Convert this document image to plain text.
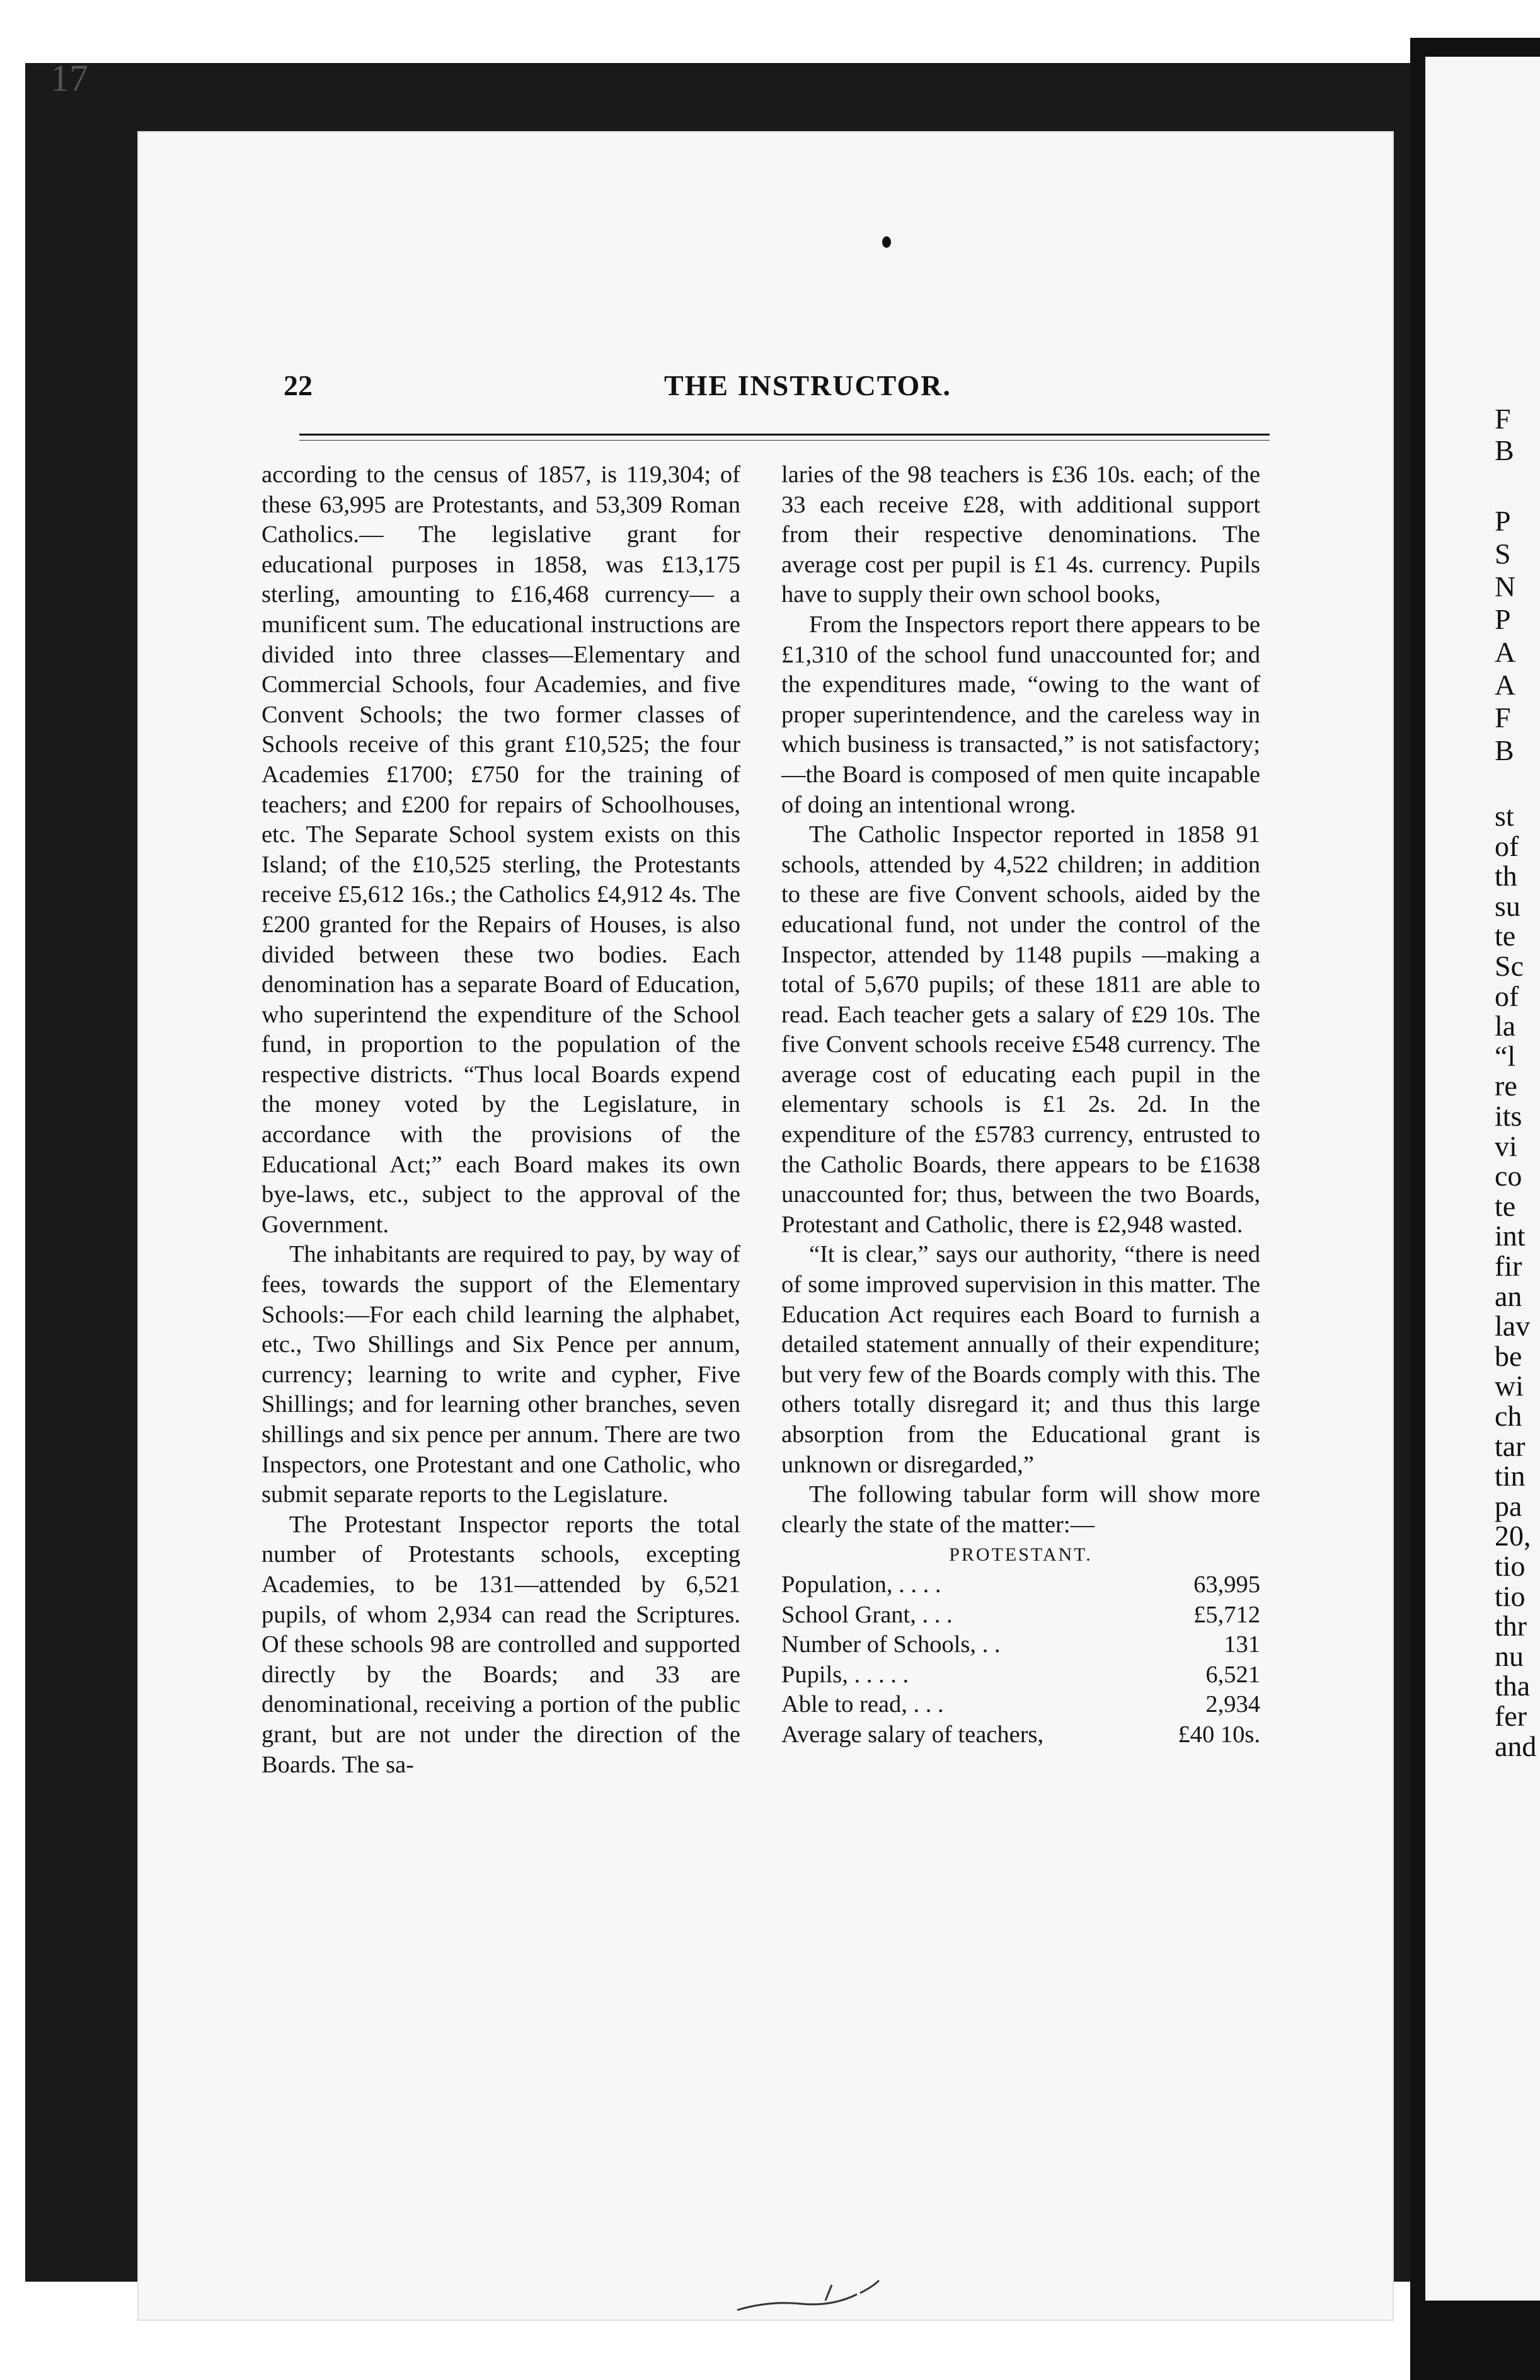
F
B
P
S
N
P
A
A
F
B
st
of
th
su
te
Sc
of
la
“l
re
its
vi
co
te
int
fir
an
lav
be
wi
ch
tar
tin
pa
20,
tio
tio
thr
nu
tha
fer
and
17
22	THE INSTRUCTOR.

according to the census of 1857, is 119,304; of these 63,995 are Protestants, and 53,309 Roman Catholics.— The legislative grant for educational purposes in 1858, was £13,175 sterling, amounting to £16,468 currency— a munificent sum. The educational instructions are divided into three classes—Elementary and Commercial Schools, four Academies, and five Convent Schools; the two former classes of Schools receive of this grant £10,525; the four Academies £1700; £750 for the training of teachers; and £200 for repairs of Schoolhouses, etc. The Separate School system exists on this Island; of the £10,525 sterling, the Protestants receive £5,612 16s.; the Catholics £4,912 4s. The £200 granted for the Repairs of Houses, is also divided between these two bodies. Each denomination has a separate Board of Education, who superintend the expenditure of the School fund, in proportion to the population of the respective districts. “Thus local Boards expend the money voted by the Legislature, in accordance with the provisions of the Educational Act;” each Board makes its own bye-laws, etc., subject to the approval of the Government.

The inhabitants are required to pay, by way of fees, towards the support of the Elementary Schools:—For each child learning the alphabet, etc., Two Shillings and Six Pence per annum, currency; learning to write and cypher, Five Shillings; and for learning other branches, seven shillings and six pence per annum. There are two Inspectors, one Protestant and one Catholic, who submit separate reports to the Legislature.

The Protestant Inspector reports the total number of Protestants schools, excepting Academies, to be 131—attended by 6,521 pupils, of whom 2,934 can read the Scriptures. Of these schools 98 are controlled and supported directly by the Boards; and 33 are denominational, receiving a portion of the public grant, but are not under the direction of the Boards. The sa-

laries of the 98 teachers is £36 10s. each; of the 33 each receive £28, with additional support from their respective denominations. The average cost per pupil is £1 4s. currency. Pupils have to supply their own school books,

From the Inspectors report there appears to be £1,310 of the school fund unaccounted for; and the expenditures made, “owing to the want of proper superintendence, and the careless way in which business is transacted,” is not satisfactory;—the Board is composed of men quite incapable of doing an intentional wrong.

The Catholic Inspector reported in 1858 91 schools, attended by 4,522 children; in addition to these are five Convent schools, aided by the educational fund, not under the control of the Inspector, attended by 1148 pupils —making a total of 5,670 pupils; of these 1811 are able to read. Each teacher gets a salary of £29 10s. The five Convent schools receive £548 currency. The average cost of educating each pupil in the elementary schools is £1 2s. 2d. In the expenditure of the £5783 currency, entrusted to the Catholic Boards, there appears to be £1638 unaccounted for; thus, between the two Boards, Protestant and Catholic, there is £2,948 wasted.

“It is clear,” says our authority, “there is need of some improved supervision in this matter. The Education Act requires each Board to furnish a detailed statement annually of their expenditure; but very few of the Boards comply with this. The others totally disregard it; and thus this large absorption from the Educational grant is unknown or disregarded,”

The following tabular form will show more clearly the state of the matter:—

PROTESTANT.

Population, . . . .	63,995
School Grant, . . .	£5,712
Number of Schools, . .	131
Pupils, . . . . .	6,521
Able to read, . . .	2,934
Average salary of teachers,	£40 10s.
